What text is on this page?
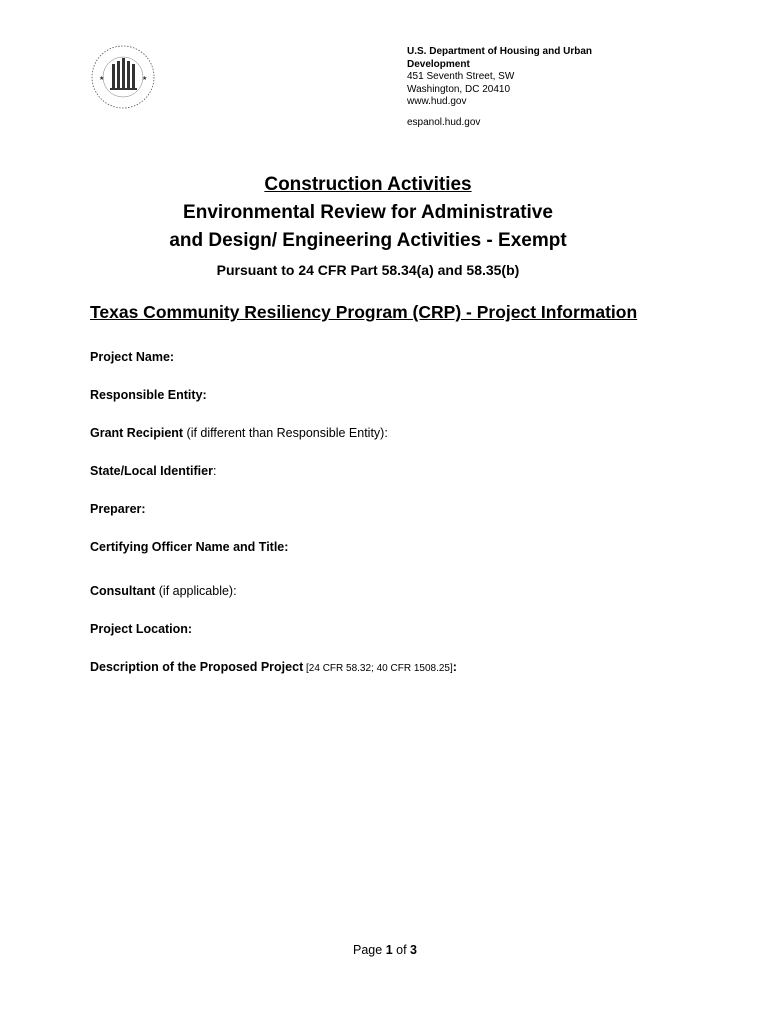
★	★
U.S. Department of Housing and Urban Development
451 Seventh Street, SW
Washington, DC 20410
www.hud.gov
espanol.hud.gov
Construction Activities
Environmental Review for Administrative
and Design/ Engineering Activities - Exempt
Pursuant to 24 CFR Part 58.34(a) and 58.35(b)
Texas Community Resiliency Program (CRP) - Project Information
Project Name:
Responsible Entity:
Grant Recipient (if different than Responsible Entity):
State/Local Identifier:
Preparer:
Certifying Officer Name and Title:
Consultant (if applicable):
Project Location:
Description of the Proposed Project [24 CFR 58.32; 40 CFR 1508.25]:
Page 1 of 3
